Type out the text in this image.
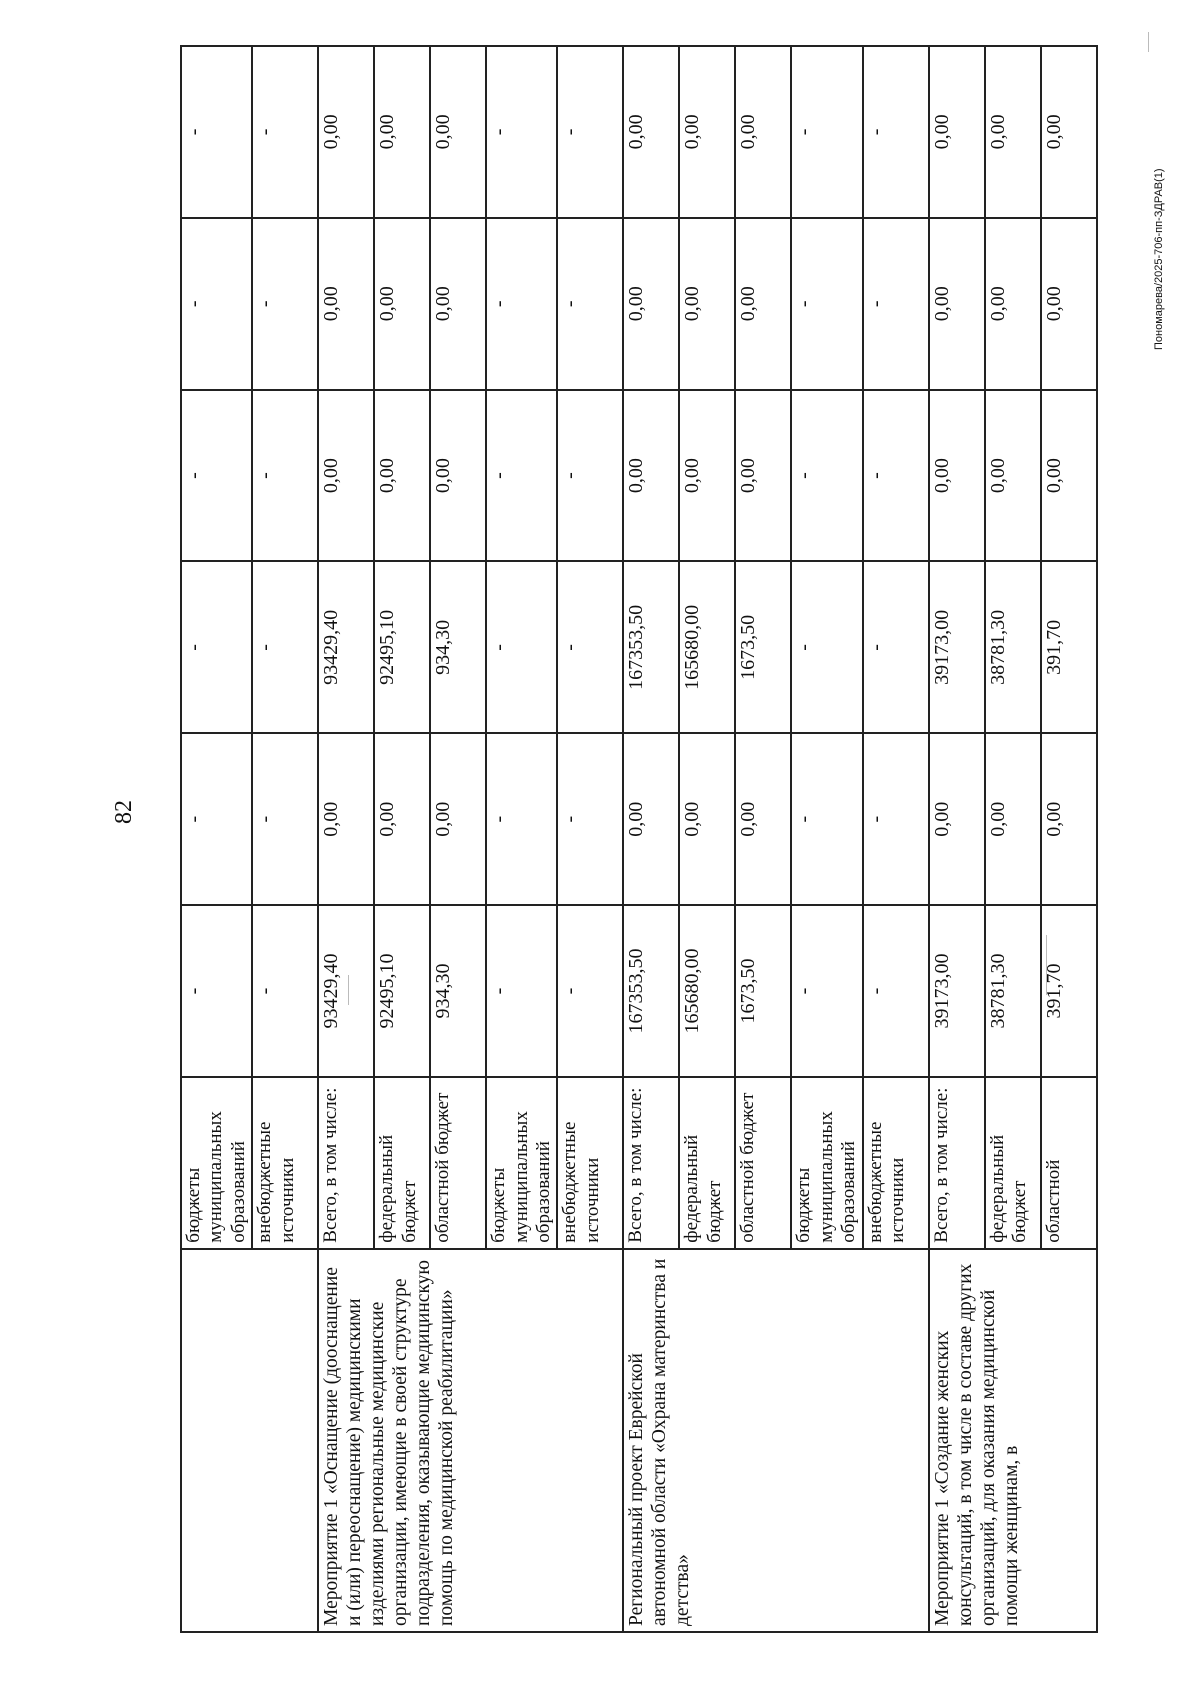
82
Пономарева/2025-706-пп-ЗДРАВ(1)
	бюджеты муниципальных образований	-	-	-	-	-	-
	внебюджетные источники	-	-	-	-	-	-
Мероприятие 1 «Оснащение (дооснащение и (или) переоснащение) медицинскими изделиями региональные медицинские организации, имеющие в своей структуре подразделения, оказывающие медицинскую помощь по медицинской реабилитации»	Всего, в том числе:	93429,40	0,00	93429,40	0,00	0,00	0,00
	федеральный бюджет	92495,10	0,00	92495,10	0,00	0,00	0,00
	областной бюджет	934,30	0,00	934,30	0,00	0,00	0,00
	бюджеты муниципальных образований	-	-	-	-	-	-
	внебюджетные источники	-	-	-	-	-	-
Региональный проект Еврейской автономной области «Охрана материнства и детства»	Всего, в том числе:	167353,50	0,00	167353,50	0,00	0,00	0,00
	федеральный бюджет	165680,00	0,00	165680,00	0,00	0,00	0,00
	областной бюджет	1673,50	0,00	1673,50	0,00	0,00	0,00
	бюджеты муниципальных образований	-	-	-	-	-	-
	внебюджетные источники	-	-	-	-	-	-
Мероприятие 1 «Создание женских консультаций, в том числе в составе других организаций, для оказания медицинской помощи женщинам, в	Всего, в том числе:	39173,00	0,00	39173,00	0,00	0,00	0,00
	федеральный бюджет	38781,30	0,00	38781,30	0,00	0,00	0,00
	областной	391,70	0,00	391,70	0,00	0,00	0,00
